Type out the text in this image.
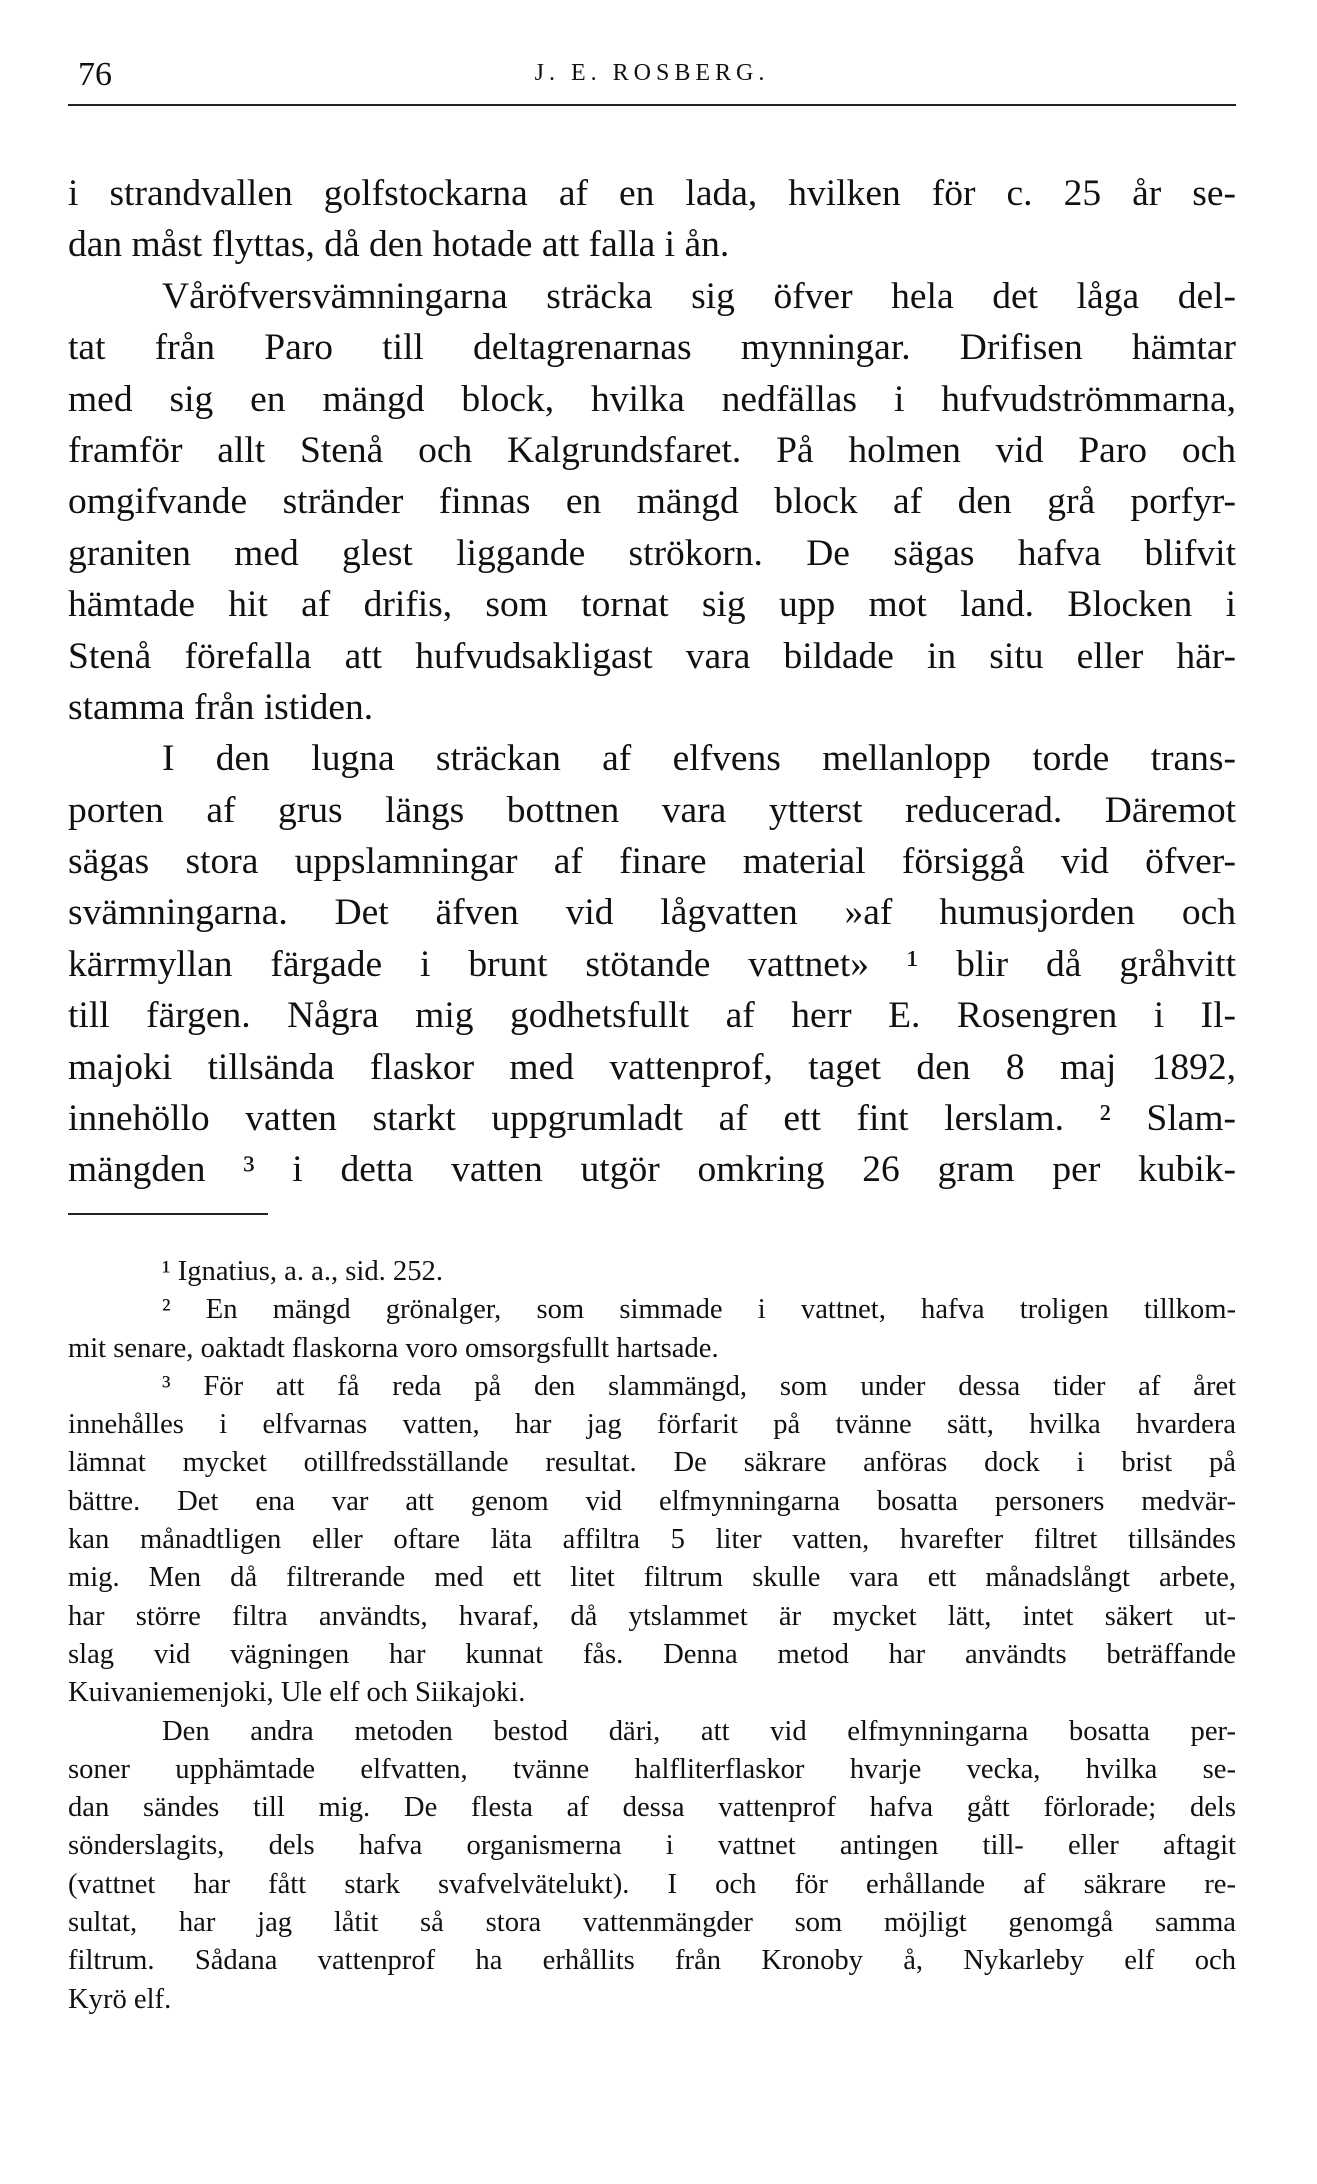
76	J. E. ROSBERG.
i strandvallen golfstockarna af en lada, hvilken för c. 25 år se-
dan måst flyttas, då den hotade att falla i ån.
Våröfversvämningarna sträcka sig öfver hela det låga del-
tat från Paro till deltagrenarnas mynningar. Drifisen hämtar
med sig en mängd block, hvilka nedfällas i hufvudströmmarna,
framför allt Stenå och Kalgrundsfaret. På holmen vid Paro och
omgifvande stränder finnas en mängd block af den grå porfyr-
graniten med glest liggande strökorn. De sägas hafva blifvit
hämtade hit af drifis, som tornat sig upp mot land. Blocken i
Stenå förefalla att hufvudsakligast vara bildade in situ eller här-
stamma från istiden.
I den lugna sträckan af elfvens mellanlopp torde trans-
porten af grus längs bottnen vara ytterst reducerad. Däremot
sägas stora uppslamningar af finare material försiggå vid öfver-
svämningarna. Det äfven vid lågvatten »af humusjorden och
kärrmyllan färgade i brunt stötande vattnet» ¹ blir då gråhvitt
till färgen. Några mig godhetsfullt af herr E. Rosengren i Il-
majoki tillsända flaskor med vattenprof, taget den 8 maj 1892,
innehöllo vatten starkt uppgrumladt af ett fint lerslam. ² Slam-
mängden ³ i detta vatten utgör omkring 26 gram per kubik-
¹ Ignatius, a. a., sid. 252.
² En mängd grönalger, som simmade i vattnet, hafva troligen tillkom-
mit senare, oaktadt flaskorna voro omsorgsfullt hartsade.
³ För att få reda på den slammängd, som under dessa tider af året
innehålles i elfvarnas vatten, har jag förfarit på tvänne sätt, hvilka hvardera
lämnat mycket otillfredsställande resultat. De säkrare anföras dock i brist på
bättre. Det ena var att genom vid elfmynningarna bosatta personers medvär-
kan månadtligen eller oftare läta affiltra 5 liter vatten, hvarefter filtret tillsändes
mig. Men då filtrerande med ett litet filtrum skulle vara ett månadslångt arbete,
har större filtra användts, hvaraf, då ytslammet är mycket lätt, intet säkert ut-
slag vid vägningen har kunnat fås. Denna metod har användts beträffande
Kuivaniemenjoki, Ule elf och Siikajoki.
Den andra metoden bestod däri, att vid elfmynningarna bosatta per-
soner upphämtade elfvatten, tvänne halfliterflaskor hvarje vecka, hvilka se-
dan sändes till mig. De flesta af dessa vattenprof hafva gått förlorade; dels
sönderslagits, dels hafva organismerna i vattnet antingen till- eller aftagit
(vattnet har fått stark svafvelvätelukt). I och för erhållande af säkrare re-
sultat, har jag låtit så stora vattenmängder som möjligt genomgå samma
filtrum. Sådana vattenprof ha erhållits från Kronoby å, Nykarleby elf och
Kyrö elf.
